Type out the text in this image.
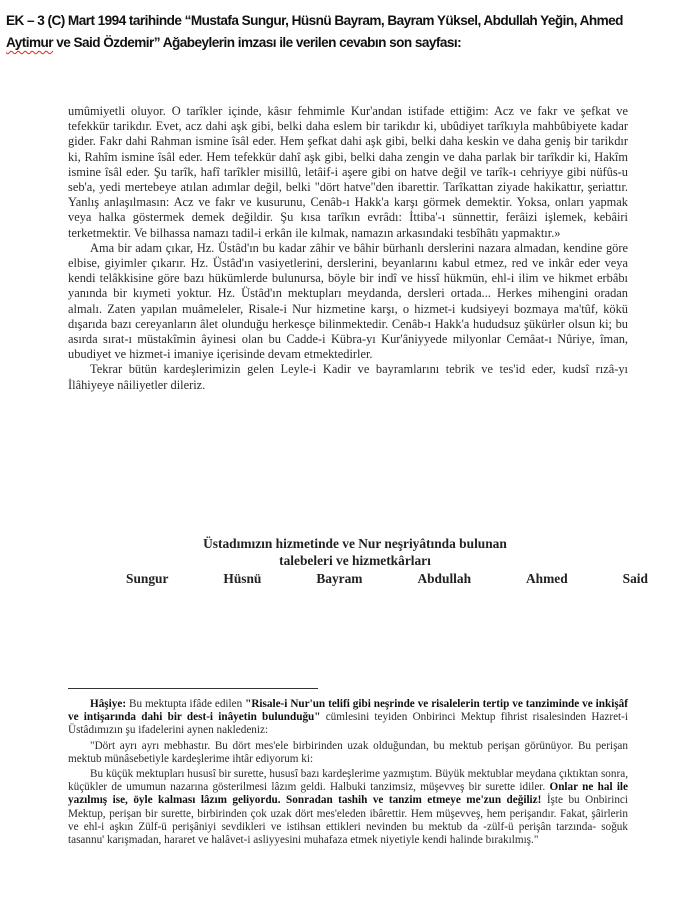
EK – 3 (C) Mart 1994 tarihinde “Mustafa Sungur, Hüsnü Bayram, Bayram Yüksel, Abdullah Yeğin, Ahmed
Aytimur ve Said Özdemir” Ağabeylerin imzası ile verilen cevabın son sayfası:

umûmiyetli oluyor. O tarîkler içinde, kâsır fehmimle Kur'andan istifade ettiğim: Acz ve fakr ve şefkat ve tefekkür tarikdır. Evet, acz dahi aşk gibi, belki daha eslem bir tarikdır ki, ubûdiyet tarîkıyla mahbûbiyete kadar gider. Fakr dahi Rahman ismine îsâl eder. Hem şefkat dahi aşk gibi, belki daha keskin ve daha geniş bir tarikdır ki, Rahîm ismine îsâl eder. Hem tefekkür dahî aşk gibi, belki daha zengin ve daha parlak bir tarîkdir ki, Hakîm ismine îsâl eder. Şu tarîk, hafî tarîkler misillû, letâif-i aşere gibi on hatve değil ve tarîk-ı cehriyye gibi nüfûs-u seb'a, yedi mertebeye atılan adımlar değil, belki "dört hatve"den ibarettir. Tarîkattan ziyade hakikattır, şeriattır. Yanlış anlaşılmasın: Acz ve fakr ve kusurunu, Cenâb-ı Hakk'a karşı görmek demektir. Yoksa, onları yapmak veya halka göstermek demek değildir. Şu kısa tarîkın evrâdı: İttiba'-ı sünnettir, ferâizi işlemek, kebâiri terketmektir. Ve bilhassa namazı tadil-i erkân ile kılmak, namazın arkasındaki tesbîhâtı yapmaktır.»

Ama bir adam çıkar, Hz. Üstâd'ın bu kadar zâhir ve bâhir bürhanlı derslerini nazara almadan, kendine göre elbise, giyimler çıkarır. Hz. Üstâd'ın vasiyetlerini, derslerini, beyanlarını kabul etmez, red ve inkâr eder veya kendi telâkkisine göre bazı hükümlerde bulunursa, böyle bir indî ve hissî hükmün, ehl-i ilim ve hikmet erbâbı yanında bir kıymeti yoktur. Hz. Üstâd'ın mektupları meydanda, dersleri ortada... Herkes mihengini oradan almalı. Zaten yapılan muâmeleler, Risale-i Nur hizmetine karşı, o hizmet-i kudsiyeyi bozmaya ma'tûf, kökü dışarıda bazı cereyanların âlet olunduğu herkesçe bilinmektedir. Cenâb-ı Hakk'a hududsuz şükürler olsun ki; bu asırda sırat-ı müstakîmin âyinesi olan bu Cadde-i Kübra-yı Kur'âniyyede milyonlar Cemâat-ı Nûriye, îman, ubudiyet ve hizmet-i imaniye içerisinde devam etmektedirler.

Tekrar bütün kardeşlerimizin gelen Leyle-i Kadir ve bayramlarını tebrik ve tes'id eder, kudsî rızâ-yı İlâhiyeye nâiliyetler dileriz.

Üstadımızın hizmetinde ve Nur neşriyâtında bulunan
talebeleri ve hizmetkârları
Sungur	Hüsnü	Bayram	Abdullah	Ahmed	Said

Hâşiye: Bu mektupta ifâde edilen "Risale-i Nur'un telifi gibi neşrinde ve risalelerin tertip ve tanziminde ve inkişâf ve intişarında dahi bir dest-i inâyetin bulunduğu" cümlesini teyiden Onbirinci Mektup fihrist risalesinden Hazret-i Üstâdımızın şu ifadelerini aynen nakledeniz:

"Dört ayrı ayrı mebhastır. Bu dört mes'ele birbirinden uzak olduğundan, bu mektub perişan görünüyor. Bu perişan mektub münâsebetiyle kardeşlerime ihtâr ediyorum ki:

Bu küçük mektupları hususî bir surette, hususî bazı kardeşlerime yazmıştım. Büyük mektublar meydana çıktıktan sonra, küçükler de umumun nazarına gösterilmesi lâzım geldi. Halbuki tanzimsiz, müşevveş bir surette idiler. Onlar ne hal ile yazılmış ise, öyle kalması lâzım geliyordu. Sonradan tashih ve tanzim etmeye me'zun değiliz! İşte bu Onbirinci Mektup, perişan bir surette, birbirinden çok uzak dört mes'eleden ibârettir. Hem müşevveş, hem perişandır. Fakat, şâirlerin ve ehl-i aşkın Zülf-ü perişâniyi sevdikleri ve istihsan ettikleri nevinden bu mektub da -zülf-ü perişân tarzında- soğuk tasannu' karışmadan, hararet ve halâvet-i asliyyesini muhafaza etmek niyetiyle kendi halinde bırakılmış."
